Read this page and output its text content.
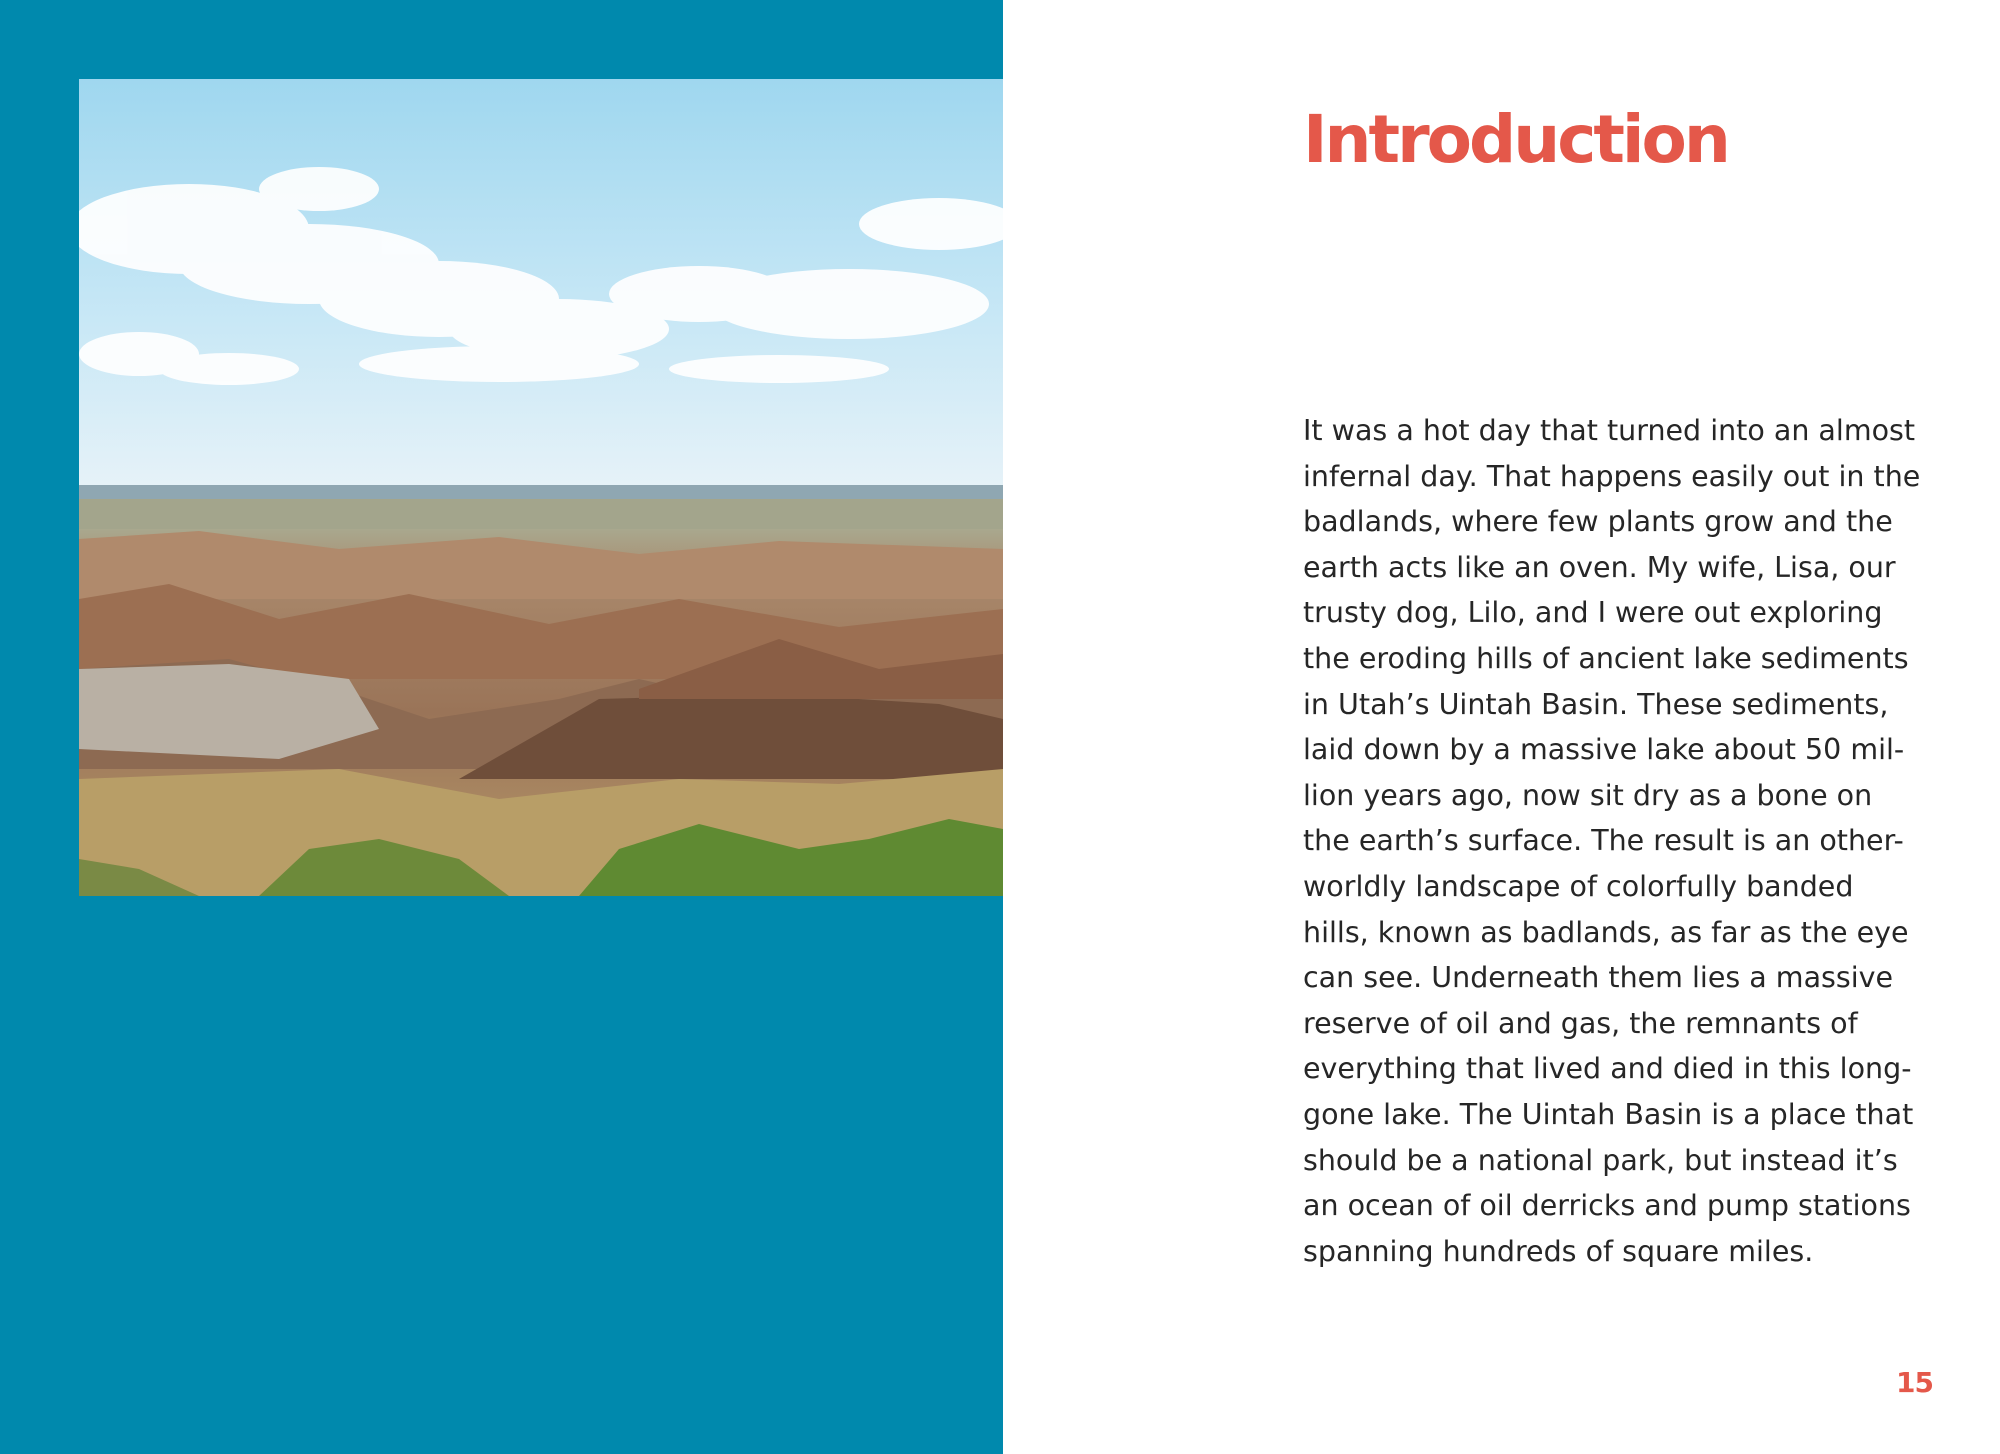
Introduction
It was a hot day that turned into an almost
infernal day. That happens easily out in the
badlands, where few plants grow and the
earth acts like an oven. My wife, Lisa, our
trusty dog, Lilo, and I were out exploring
the eroding hills of ancient lake sediments
in Utah’s Uintah Basin. These sediments,
laid down by a massive lake about 50 mil-
lion years ago, now sit dry as a bone on
the earth’s surface. The result is an other-
worldly landscape of colorfully banded
hills, known as badlands, as far as the eye
can see. Underneath them lies a massive
reserve of oil and gas, the remnants of
everything that lived and died in this long-
gone lake. The Uintah Basin is a place that
should be a national park, but instead it’s
an ocean of oil derricks and pump stations
spanning hundreds of square miles.
15
